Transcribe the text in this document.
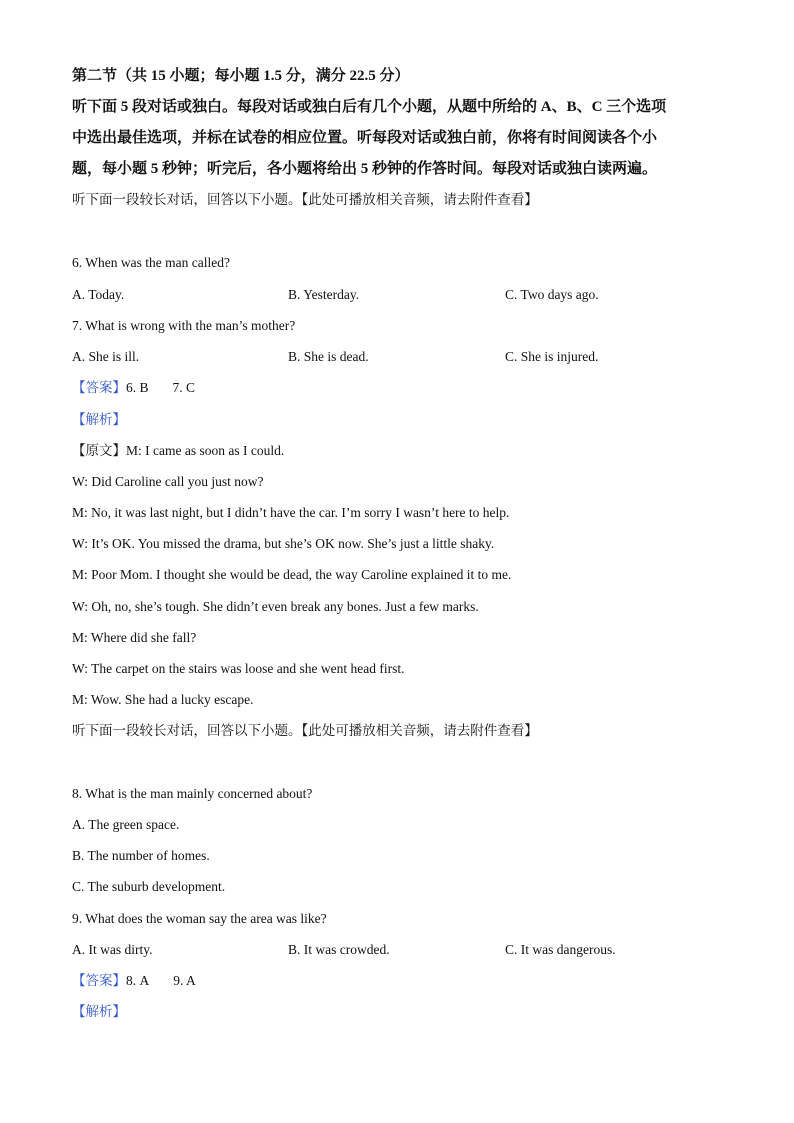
第二节（共 15 小题；每小题 1.5 分，满分 22.5 分）
听下面 5 段对话或独白。每段对话或独白后有几个小题，从题中所给的 A、B、C 三个选项
中选出最佳选项，并标在试卷的相应位置。听每段对话或独白前，你将有时间阅读各个小
题，每小题 5 秒钟；听完后，各小题将给出 5 秒钟的作答时间。每段对话或独白读两遍。
听下面一段较长对话，回答以下小题。【此处可播放相关音频，请去附件查看】
6. When was the man called?
A. Today.	B. Yesterday.	C. Two days ago.
7. What is wrong with the man’s mother?
A. She is ill.	B. She is dead.	C. She is injured.
【答案】6. B 7. C
【解析】
【原文】M: I came as soon as I could.
W: Did Caroline call you just now?
M: No, it was last night, but I didn’t have the car. I’m sorry I wasn’t here to help.
W: It’s OK. You missed the drama, but she’s OK now. She’s just a little shaky.
M: Poor Mom. I thought she would be dead, the way Caroline explained it to me.
W: Oh, no, she’s tough. She didn’t even break any bones. Just a few marks.
M: Where did she fall?
W: The carpet on the stairs was loose and she went head first.
M: Wow. She had a lucky escape.
听下面一段较长对话，回答以下小题。【此处可播放相关音频，请去附件查看】
8. What is the man mainly concerned about?
A. The green space.
B. The number of homes.
C. The suburb development.
9. What does the woman say the area was like?
A. It was dirty.	B. It was crowded.	C. It was dangerous.
【答案】8. A 9. A
【解析】
